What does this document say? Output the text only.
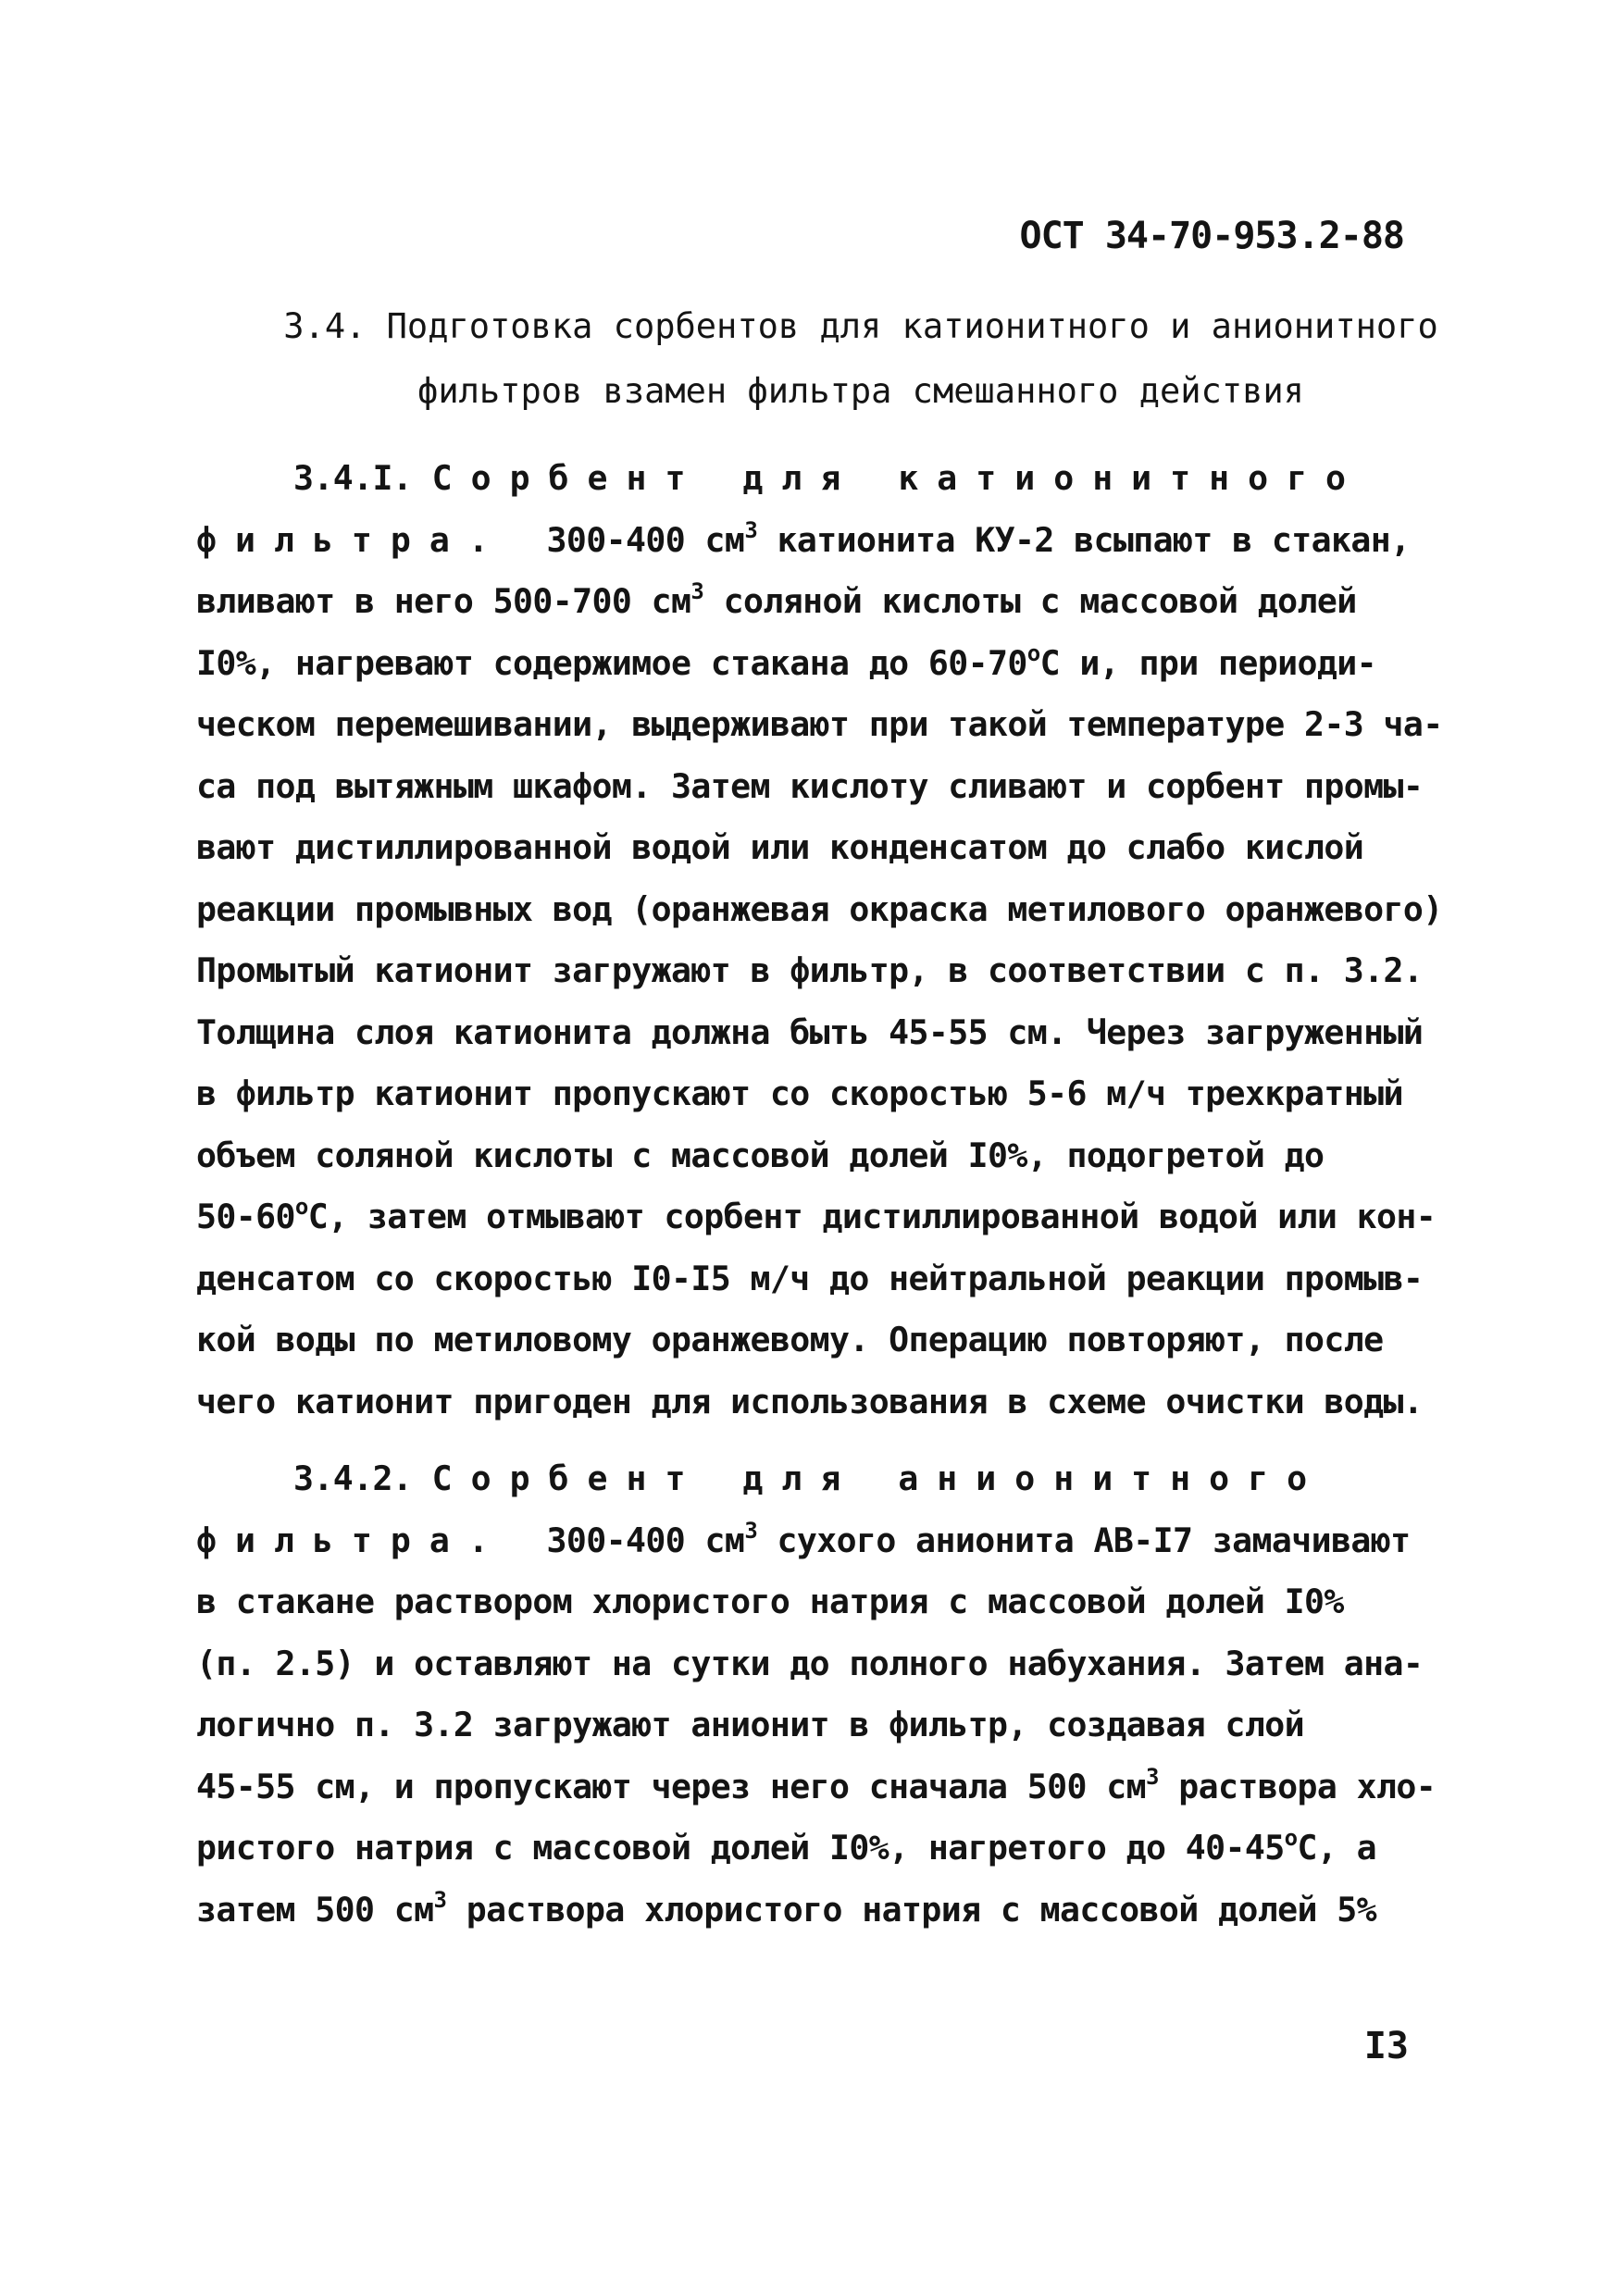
ОСТ 34-70-953.2-88
3.4. Подготовка сорбентов для катионитного и анионитного
фильтров взамен фильтра смешанного действия
3.4.I. Сорбент для катионитного
фильтра.  300-400 $см^3$ катионита КУ-2 всыпают в стакан,
вливают в него 500-700 $см^3$ соляной кислоты с массовой долей
I0%, нагревают содержимое стакана до $60-70^оС$ и, при периоди-
ческом перемешивании, выдерживают при такой температуре 2-3 ча-
са под вытяжным шкафом. Затем кислоту сливают и сорбент промы-
вают дистиллированной водой или конденсатом до слабо кислой
реакции промывных вод (оранжевая окраска метилового оранжевого)
Промытый катионит загружают в фильтр, в соответствии с п. 3.2.
Толщина слоя катионита должна быть 45-55 см. Через загруженный
в фильтр катионит пропускают со скоростью 5-6 м/ч трехкратный
объем соляной кислоты с массовой долей I0%, подогретой до
$50-60^оС$, затем отмывают сорбент дистиллированной водой или кон-
денсатом со скоростью I0-I5 м/ч до нейтральной реакции промыв-
кой воды по метиловому оранжевому. Операцию повторяют, после
чего катионит пригоден для использования в схеме очистки воды.
3.4.2. Сорбент для анионитного
фильтра.  300-400 $см^3$ сухого анионита АВ-I7 замачивают
в стакане раствором хлористого натрия с массовой долей I0%
(п. 2.5) и оставляют на сутки до полного набухания. Затем ана-
логично п. 3.2 загружают анионит в фильтр, создавая слой
45-55 см, и пропускают через него сначала 500 $см^3$ раствора хло-
ристого натрия с массовой долей I0%, нагретого до $40-45^оС$, а
затем 500 $см^3$ раствора хлористого натрия с массовой долей 5%
I3
